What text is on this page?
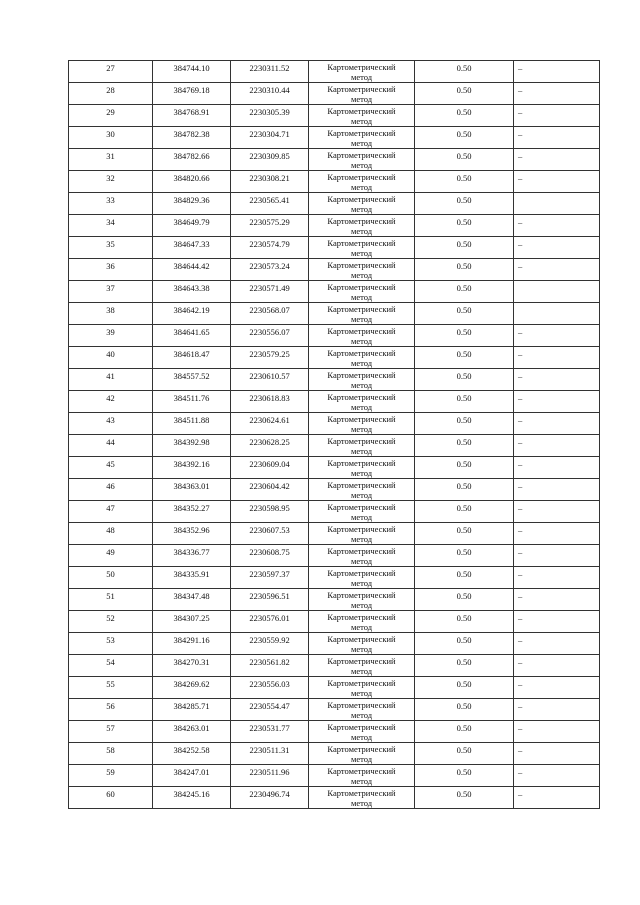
27	384744.10	2230311.52	Картометрический
метод	0.50	–
28	384769.18	2230310.44	Картометрический
метод	0.50	–
29	384768.91	2230305.39	Картометрический
метод	0.50	–
30	384782.38	2230304.71	Картометрический
метод	0.50	–
31	384782.66	2230309.85	Картометрический
метод	0.50	–
32	384820.66	2230308.21	Картометрический
метод	0.50	–
33	384829.36	2230565.41	Картометрический
метод	0.50	
34	384649.79	2230575.29	Картометрический
метод	0.50	–
35	384647.33	2230574.79	Картометрический
метод	0.50	–
36	384644.42	2230573.24	Картометрический
метод	0.50	–
37	384643.38	2230571.49	Картометрический
метод	0.50	
38	384642.19	2230568.07	Картометрический
метод	0.50	
39	384641.65	2230556.07	Картометрический
метод	0.50	–
40	384618.47	2230579.25	Картометрический
метод	0.50	–
41	384557.52	2230610.57	Картометрический
метод	0.50	–
42	384511.76	2230618.83	Картометрический
метод	0.50	–
43	384511.88	2230624.61	Картометрический
метод	0.50	–
44	384392.98	2230628.25	Картометрический
метод	0.50	–
45	384392.16	2230609.04	Картометрический
метод	0.50	–
46	384363.01	2230604.42	Картометрический
метод	0.50	–
47	384352.27	2230598.95	Картометрический
метод	0.50	–
48	384352.96	2230607.53	Картометрический
метод	0.50	–
49	384336.77	2230608.75	Картометрический
метод	0.50	–
50	384335.91	2230597.37	Картометрический
метод	0.50	–
51	384347.48	2230596.51	Картометрический
метод	0.50	–
52	384307.25	2230576.01	Картометрический
метод	0.50	–
53	384291.16	2230559.92	Картометрический
метод	0.50	–
54	384270.31	2230561.82	Картометрический
метод	0.50	–
55	384269.62	2230556.03	Картометрический
метод	0.50	–
56	384285.71	2230554.47	Картометрический
метод	0.50	–
57	384263.01	2230531.77	Картометрический
метод	0.50	–
58	384252.58	2230511.31	Картометрический
метод	0.50	–
59	384247.01	2230511.96	Картометрический
метод	0.50	–
60	384245.16	2230496.74	Картометрический
метод	0.50	–
